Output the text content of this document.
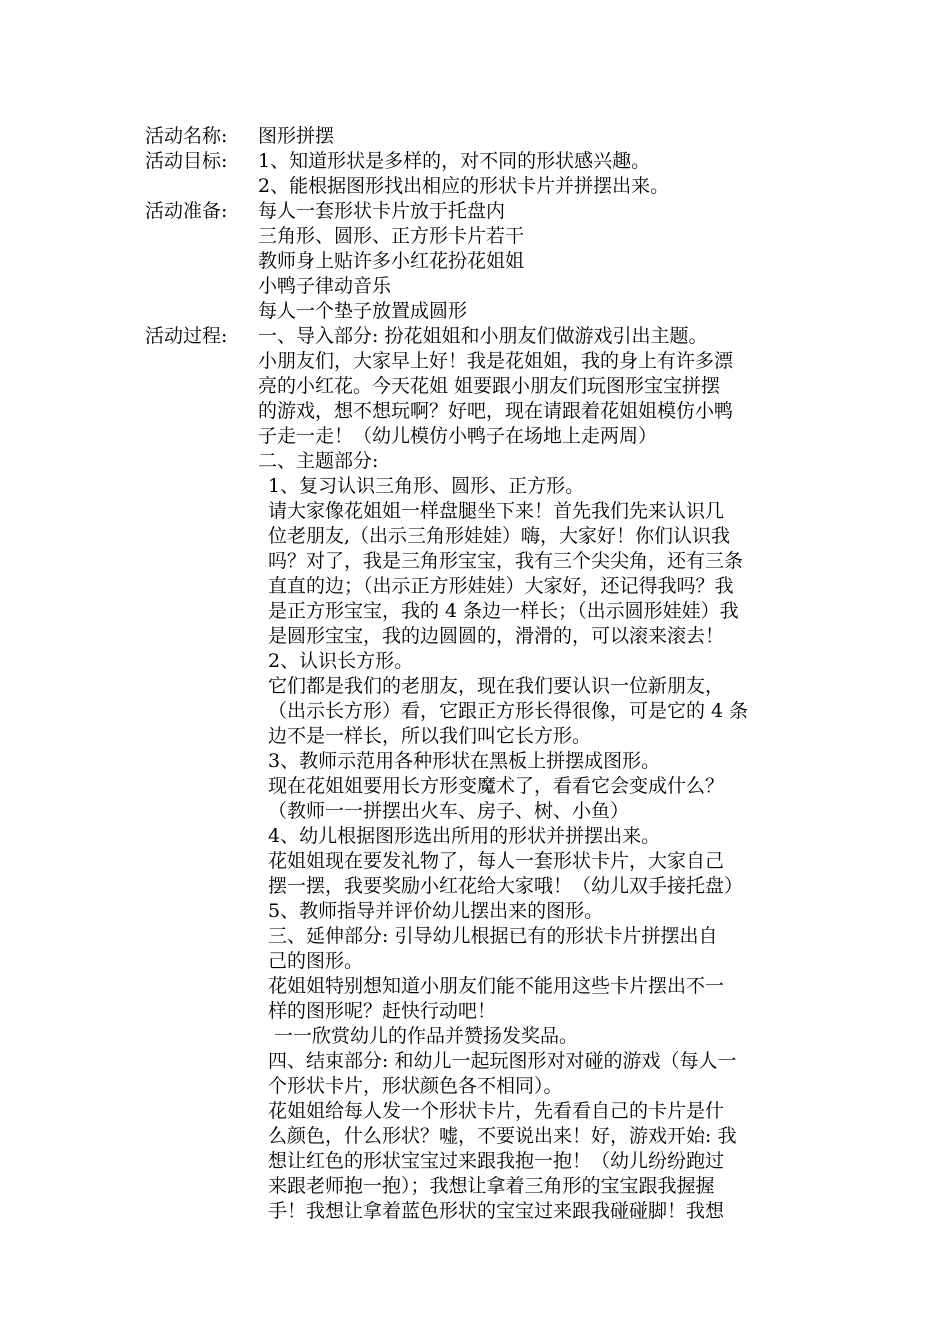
活动名称: 图形拼摆
活动目标: 1、知道形状是多样的，对不同的形状感兴趣。
2、能根据图形找出相应的形状卡片并拼摆出来。
活动准备: 每人一套形状卡片放于托盘内
三角形、圆形、正方形卡片若干
教师身上贴许多小红花扮花姐姐
小鸭子律动音乐
每人一个垫子放置成圆形
活动过程: 一、导入部分: 扮花姐姐和小朋友们做游戏引出主题。
小朋友们，大家早上好！我是花姐姐，我的身上有许多漂
亮的小红花。今天花姐 姐要跟小朋友们玩图形宝宝拼摆
的游戏，想不想玩啊？好吧，现在请跟着花姐姐模仿小鸭
子走一走！（幼儿模仿小鸭子在场地上走两周）
二、主题部分:
1、复习认识三角形、圆形、正方形。
请大家像花姐姐一样盘腿坐下来！首先我们先来认识几
位老朋友,（出示三角形娃娃）嗨，大家好！你们认识我
吗？对了，我是三角形宝宝，我有三个尖尖角，还有三条
直直的边；（出示正方形娃娃）大家好，还记得我吗？我
是正方形宝宝，我的 4 条边一样长；（出示圆形娃娃）我
是圆形宝宝，我的边圆圆的，滑滑的，可以滚来滚去！
2、认识长方形。
它们都是我们的老朋友，现在我们要认识一位新朋友，
（出示长方形）看，它跟正方形长得很像，可是它的 4 条
边不是一样长，所以我们叫它长方形。
3、教师示范用各种形状在黑板上拼摆成图形。
现在花姐姐要用长方形变魔术了，看看它会变成什么？
（教师一一拼摆出火车、房子、树、小鱼）
4、幼儿根据图形选出所用的形状并拼摆出来。
花姐姐现在要发礼物了，每人一套形状卡片，大家自己
摆一摆，我要奖励小红花给大家哦！（幼儿双手接托盘）
5、教师指导并评价幼儿摆出来的图形。
三、延伸部分: 引导幼儿根据已有的形状卡片拼摆出自
己的图形。
花姐姐特别想知道小朋友们能不能用这些卡片摆出不一
样的图形呢？赶快行动吧！
一一欣赏幼儿的作品并赞扬发奖品。
四、结束部分: 和幼儿一起玩图形对对碰的游戏（每人一
个形状卡片，形状颜色各不相同）。
花姐姐给每人发一个形状卡片，先看看自己的卡片是什
么颜色，什么形状？嘘，不要说出来！好，游戏开始: 我
想让红色的形状宝宝过来跟我抱一抱！（幼儿纷纷跑过
来跟老师抱一抱）；我想让拿着三角形的宝宝跟我握握
手！我想让拿着蓝色形状的宝宝过来跟我碰碰脚！我想
